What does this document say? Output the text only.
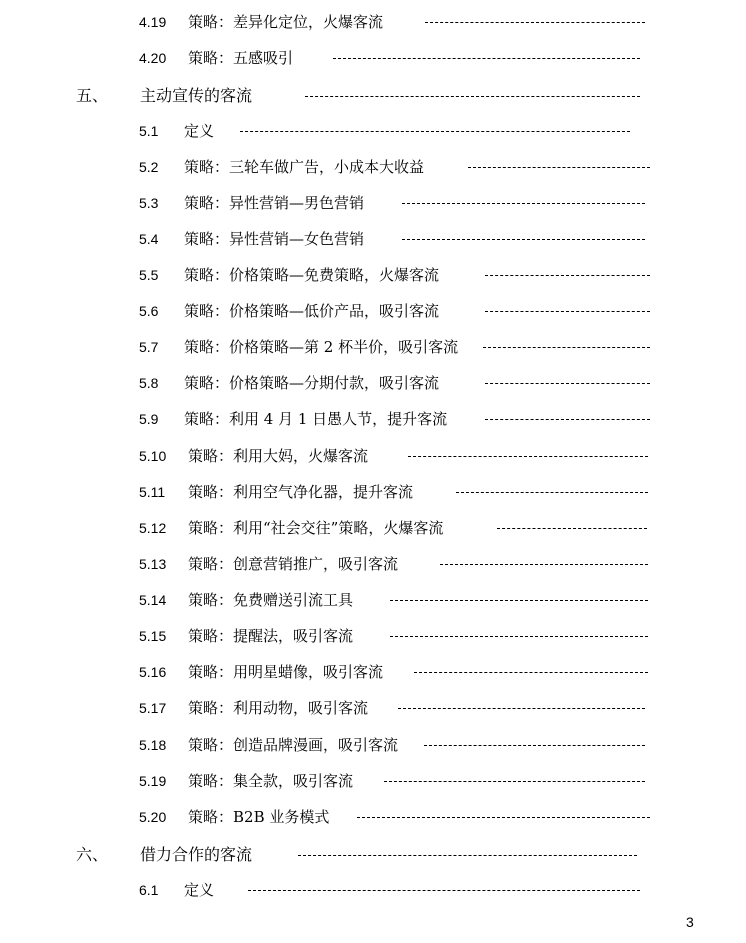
4.19 策略：差异化定位，火爆客流
4.20 策略：五感吸引
五、 主动宣传的客流
5.1 定义
5.2 策略：三轮车做广告，小成本大收益
5.3 策略：异性营销—男色营销
5.4 策略：异性营销—女色营销
5.5 策略：价格策略—免费策略，火爆客流
5.6 策略：价格策略—低价产品，吸引客流
5.7 策略：价格策略—第 2 杯半价，吸引客流
5.8 策略：价格策略—分期付款，吸引客流
5.9 策略：利用 4 月 1 日愚人节，提升客流
5.10 策略：利用大妈，火爆客流
5.11 策略：利用空气净化器，提升客流
5.12 策略：利用“社会交往”策略，火爆客流
5.13 策略：创意营销推广，吸引客流
5.14 策略：免费赠送引流工具
5.15 策略：提醒法，吸引客流
5.16 策略：用明星蜡像，吸引客流
5.17 策略：利用动物，吸引客流
5.18 策略：创造品牌漫画，吸引客流
5.19 策略：集全款，吸引客流
5.20 策略：B2B 业务模式
六、 借力合作的客流
6.1 定义
3
